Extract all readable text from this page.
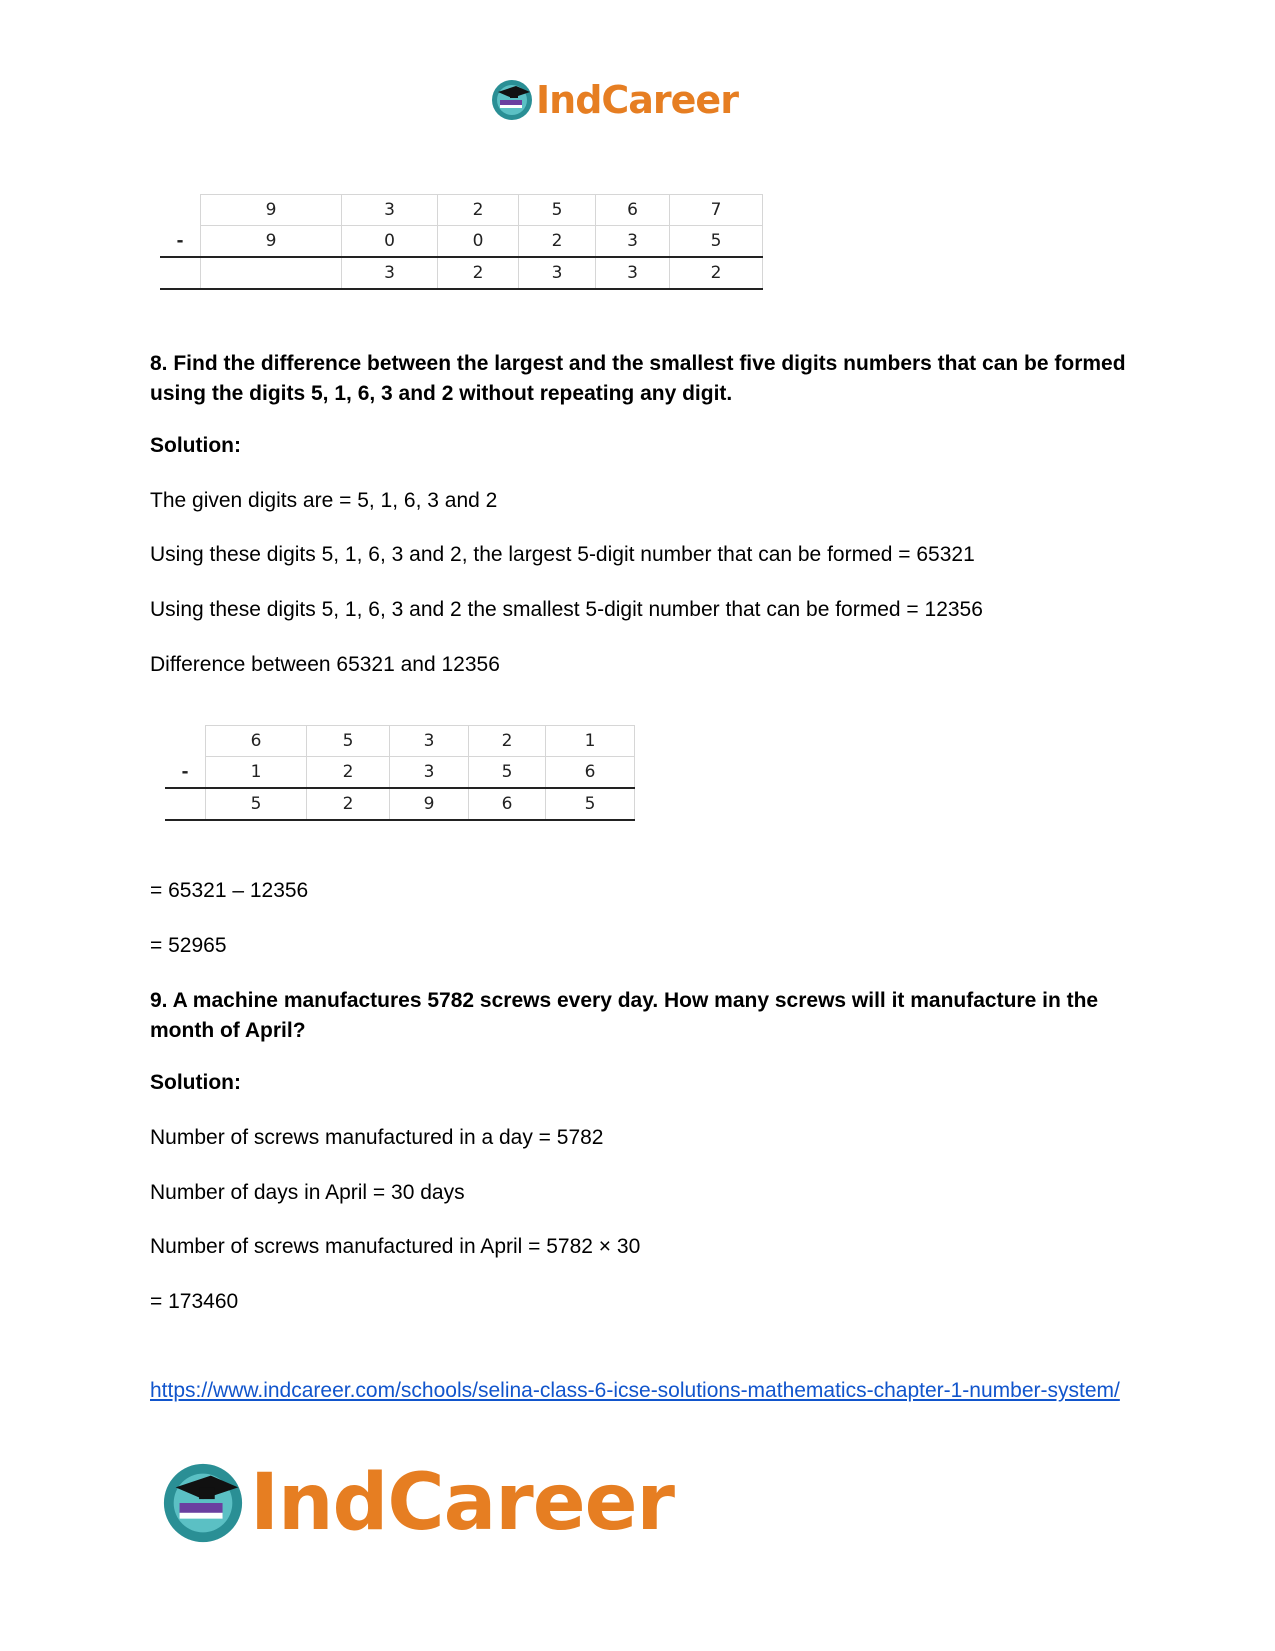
IndCareer
	9	3	2	5	6	7
-	9	0	0	2	3	5
		3	2	3	3	2
8. Find the difference between the largest and the smallest five digits numbers that can be formed using the digits 5, 1, 6, 3 and 2 without repeating any digit.
Solution:
The given digits are = 5, 1, 6, 3 and 2
Using these digits 5, 1, 6, 3 and 2, the largest 5-digit number that can be formed = 65321
Using these digits 5, 1, 6, 3 and 2 the smallest 5-digit number that can be formed = 12356
Difference between 65321 and 12356
	6	5	3	2	1
-	1	2	3	5	6
	5	2	9	6	5
= 65321 – 12356
= 52965
9. A machine manufactures 5782 screws every day. How many screws will it manufacture in the month of April?
Solution:
Number of screws manufactured in a day = 5782
Number of days in April = 30 days
Number of screws manufactured in April = 5782 × 30
= 173460
https://www.indcareer.com/schools/selina-class-6-icse-solutions-mathematics-chapter-1-number-system/
IndCareer
